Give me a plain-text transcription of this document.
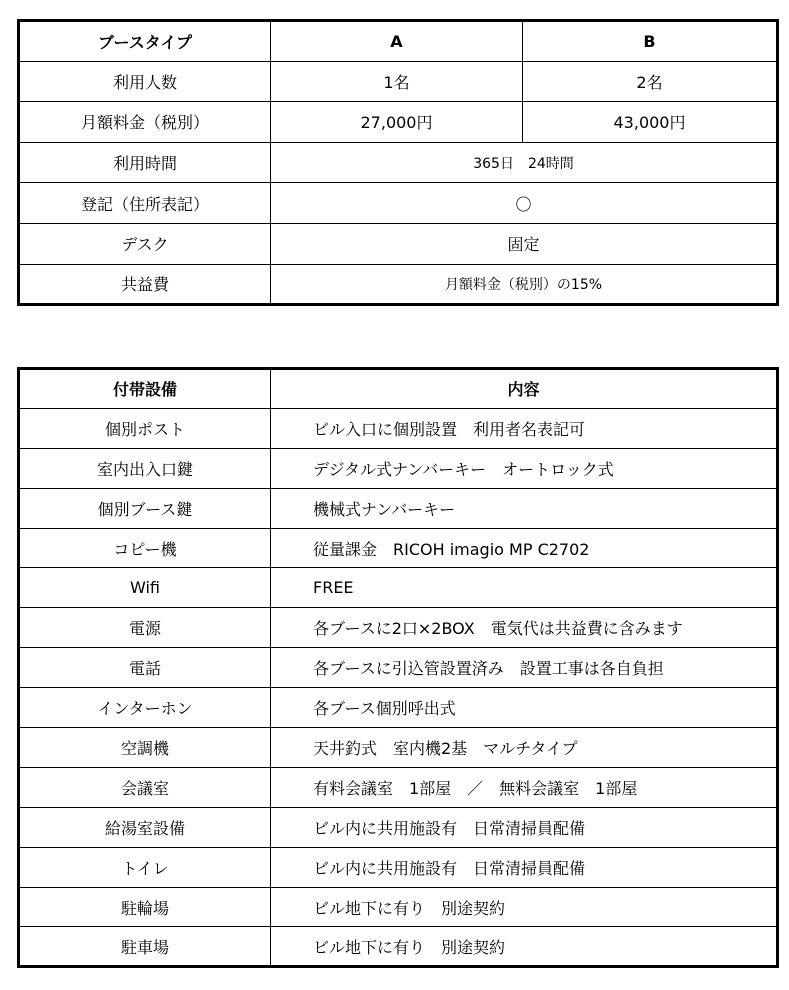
ブースタイプ	A	B
利用人数	1名	2名
月額料金（税別）	27,000円	43,000円
利用時間	365日　24時間	
登記（住所表記）	〇	
デスク	固定	
共益費	月額料金（税別）の15%	
付帯設備	内容
個別ポスト	ビル入口に個別設置　利用者名表記可
室内出入口鍵	デジタル式ナンバーキー　オートロック式
個別ブース鍵	機械式ナンバーキー
コピー機	従量課金　RICOH imagio MP C2702
Wifi	FREE
電源	各ブースに2口×2BOX　電気代は共益費に含みます
電話	各ブースに引込管設置済み　設置工事は各自負担
インターホン	各ブース個別呼出式
空調機	天井釣式　室内機2基　マルチタイプ
会議室	有料会議室　1部屋　／　無料会議室　1部屋
給湯室設備	ビル内に共用施設有　日常清掃員配備
トイレ	ビル内に共用施設有　日常清掃員配備
駐輪場	ビル地下に有り　別途契約
駐車場	ビル地下に有り　別途契約
